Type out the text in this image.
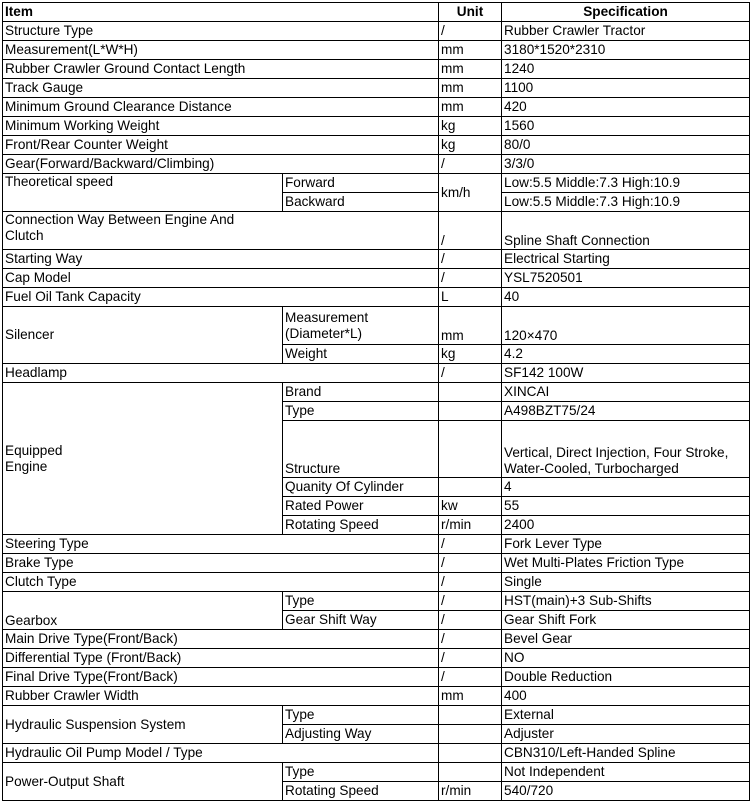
Item		Unit	Specification
Structure Type		/	Rubber Crawler Tractor
Measurement(L*W*H)		mm	3180*1520*2310
Rubber Crawler Ground Contact Length		mm	1240
Track Gauge		mm	1100
Minimum Ground Clearance Distance		mm	420
Minimum Working Weight		kg	1560
Front/Rear Counter Weight		kg	80/0
Gear(Forward/Backward/Climbing)		/	3/3/0

Theoretical speed	Forward	km/h	Low:5.5 Middle:7.3 High:10.9
	Backward		Low:5.5 Middle:7.3 High:10.9

Connection Way Between Engine And Clutch		/	Spline Shaft Connection
Starting Way		/	Electrical Starting
Cap Model		/	YSL7520501
Fuel Oil Tank Capacity		L	40
Silencer	Measurement (Diameter*L)	mm	120×470
	Weight	kg	4.2
Headlamp		/	SF142 100W

Equipped Engine	Brand		XINCAI
	Type		A498BZT75/24
	Structure		Vertical, Direct Injection, Four Stroke, Water-Cooled, Turbocharged
	Quanity Of Cylinder		4
	Rated Power	kw	55
	Rotating Speed	r/min	2400
Steering Type		/	Fork Lever Type
Brake Type		/	Wet Multi-Plates Friction Type
Clutch Type		/	Single
Gearbox	Type	/	HST(main)+3 Sub-Shifts
	Gear Shift Way	/	Gear Shift Fork
Main Drive Type(Front/Back)		/	Bevel Gear
Differential Type (Front/Back)		/	NO
Final Drive Type(Front/Back)		/	Double Reduction
Rubber Crawler Width		mm	400
Hydraulic Suspension System	Type		External
	Adjusting Way		Adjuster
Hydraulic Oil Pump Model / Type			CBN310/Left-Handed Spline
Power-Output Shaft	Type		Not Independent
	Rotating Speed	r/min	540/720
